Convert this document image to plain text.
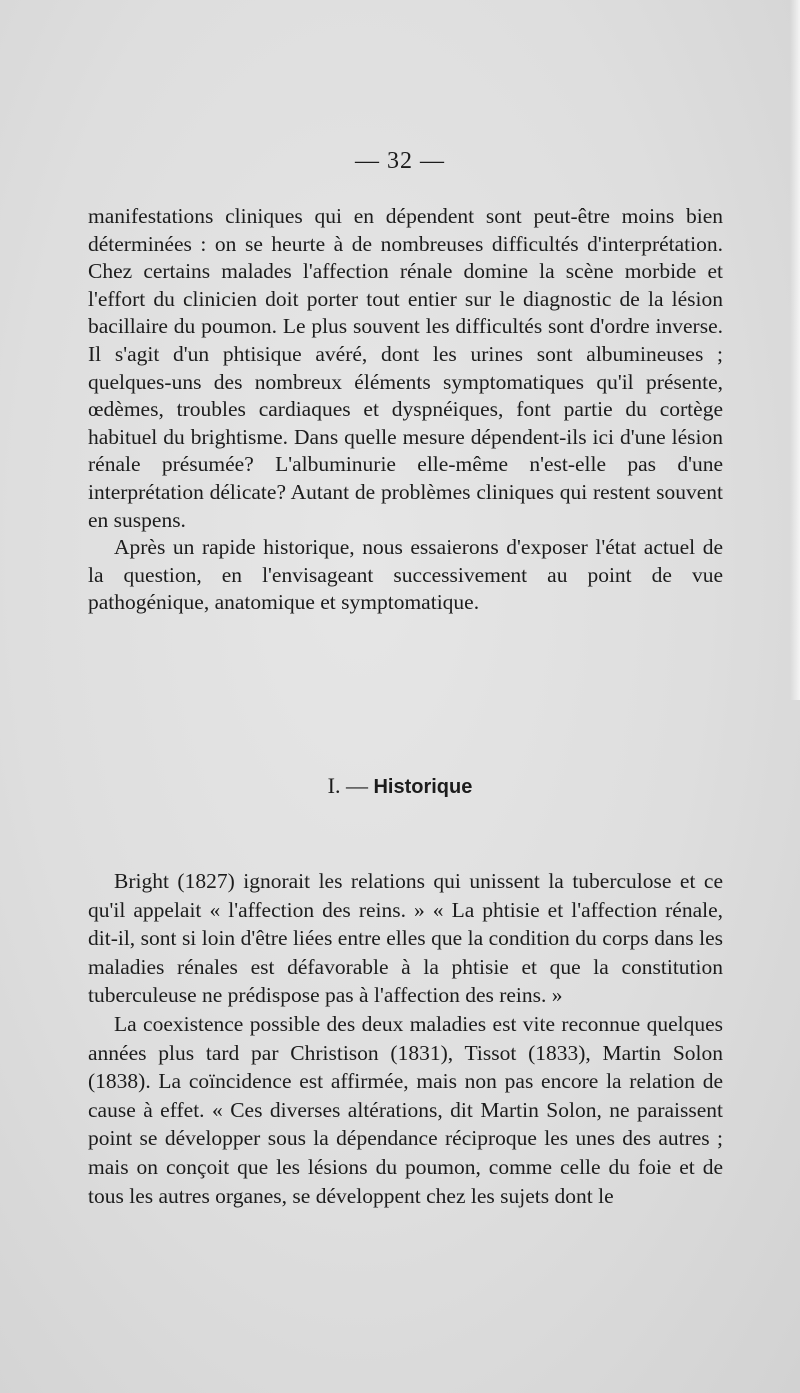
— 32 —

manifestations cliniques qui en dépendent sont peut-être moins bien déterminées : on se heurte à de nombreuses difficultés d'interprétation. Chez certains malades l'affection rénale domine la scène morbide et l'effort du clinicien doit porter tout entier sur le diagnostic de la lésion bacillaire du poumon. Le plus souvent les difficultés sont d'ordre inverse. Il s'agit d'un phtisique avéré, dont les urines sont albumineuses ; quelques-uns des nombreux éléments symptomatiques qu'il présente, œdèmes, troubles cardiaques et dyspnéiques, font partie du cortège habituel du brightisme. Dans quelle mesure dépendent-ils ici d'une lésion rénale présumée? L'albuminurie elle-même n'est-elle pas d'une interprétation délicate? Autant de problèmes cliniques qui restent souvent en suspens.

Après un rapide historique, nous essaierons d'exposer l'état actuel de la question, en l'envisageant successivement au point de vue pathogénique, anatomique et symptomatique.

I. — Historique

Bright (1827) ignorait les relations qui unissent la tuberculose et ce qu'il appelait « l'affection des reins. » « La phtisie et l'affection rénale, dit-il, sont si loin d'être liées entre elles que la condition du corps dans les maladies rénales est défavorable à la phtisie et que la constitution tuberculeuse ne prédispose pas à l'affection des reins. »

La coexistence possible des deux maladies est vite reconnue quelques années plus tard par Christison (1831), Tissot (1833), Martin Solon (1838). La coïncidence est affirmée, mais non pas encore la relation de cause à effet. « Ces diverses altérations, dit Martin Solon, ne paraissent point se développer sous la dépendance réciproque les unes des autres ; mais on conçoit que les lésions du poumon, comme celle du foie et de tous les autres organes, se développent chez les sujets dont le
